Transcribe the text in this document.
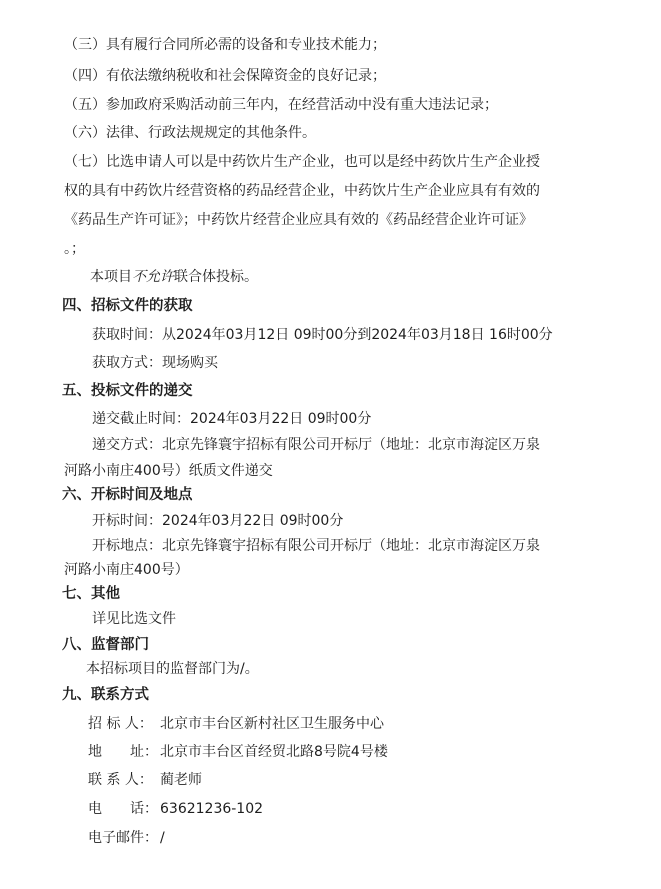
（三）具有履行合同所必需的设备和专业技术能力；
（四）有依法缴纳税收和社会保障资金的良好记录；
（五）参加政府采购活动前三年内，在经营活动中没有重大违法记录；
（六）法律、行政法规规定的其他条件。
（七）比选申请人可以是中药饮片生产企业，也可以是经中药饮片生产企业授
权的具有中药饮片经营资格的药品经营企业，中药饮片生产企业应具有有效的
《药品生产许可证》；中药饮片经营企业应具有效的《药品经营企业许可证》
。；
本项目不允许联合体投标。
四、招标文件的获取
获取时间：从2024年03月12日 09时00分到2024年03月18日 16时00分
获取方式：现场购买
五、投标文件的递交
递交截止时间：2024年03月22日 09时00分
递交方式：北京先锋寰宇招标有限公司开标厅（地址：北京市海淀区万泉
河路小南庄400号）纸质文件递交
六、开标时间及地点
开标时间：2024年03月22日 09时00分
开标地点：北京先锋寰宇招标有限公司开标厅（地址：北京市海淀区万泉
河路小南庄400号）
七、其他
详见比选文件
八、监督部门
本招标项目的监督部门为/。
九、联系方式
招 标 人： 北京市丰台区新村社区卫生服务中心
地　　址： 北京市丰台区首经贸北路8号院4号楼
联 系 人： 蔺老师
电　　话： 63621236-102
电子邮件： /
